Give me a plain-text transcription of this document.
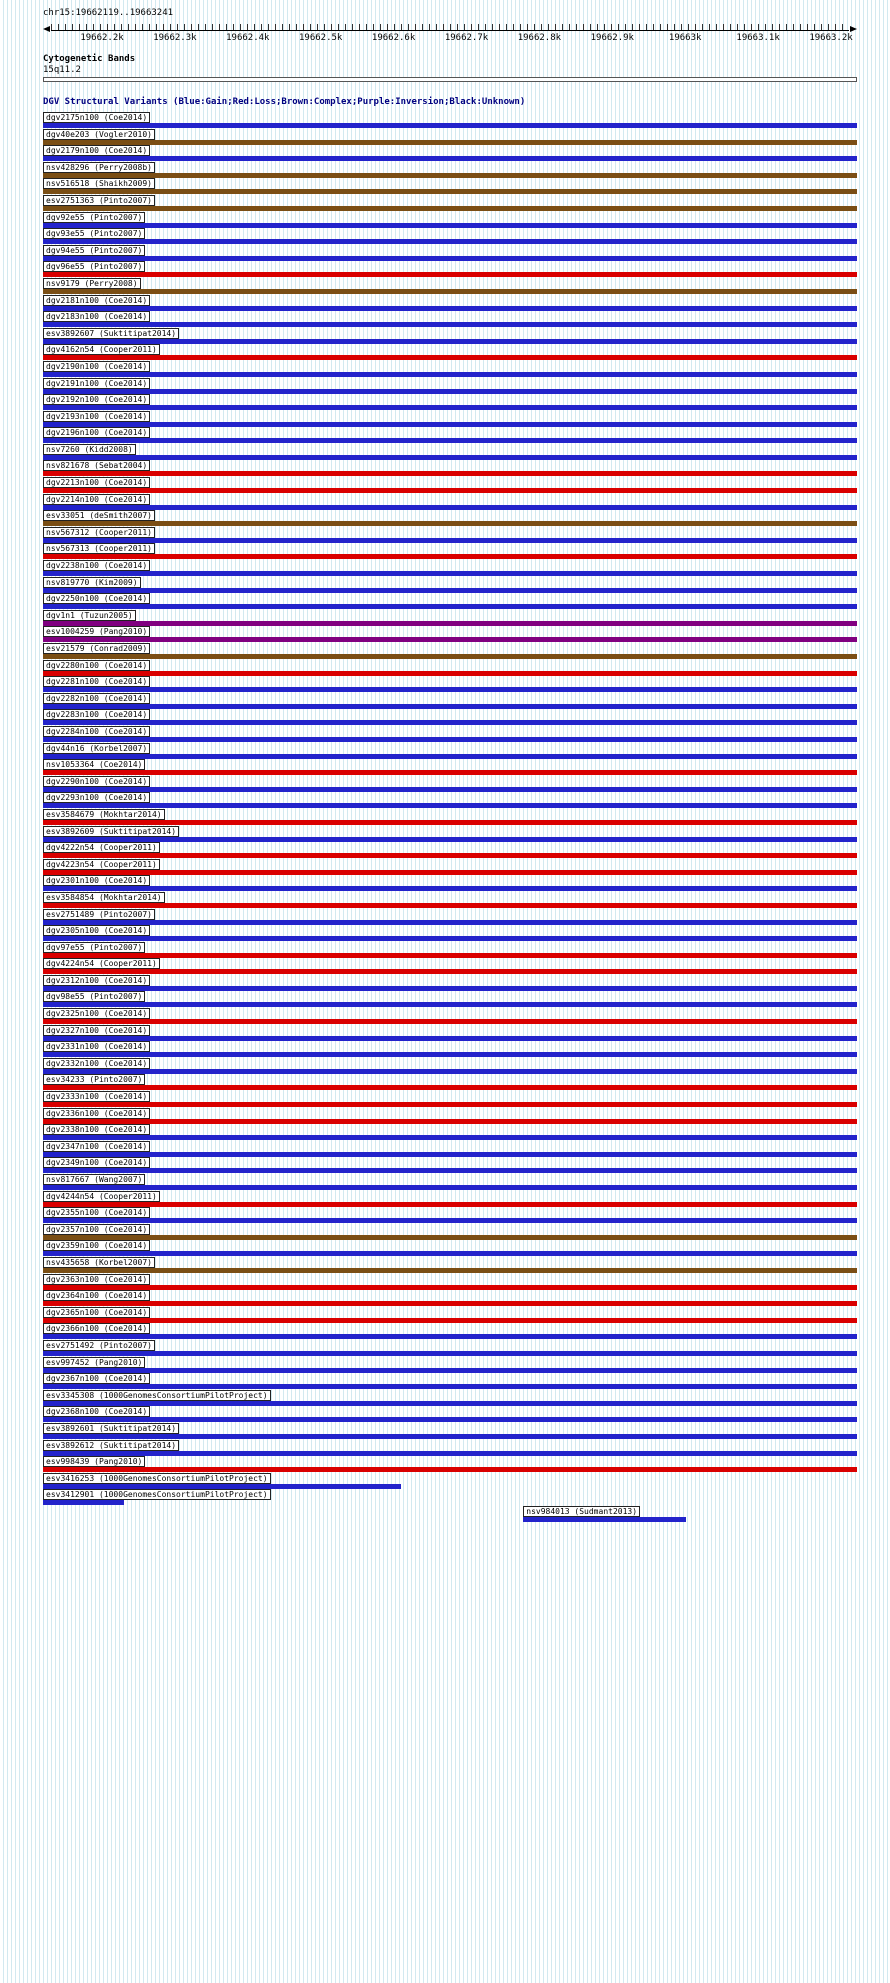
chr15:19662119..19663241
19662.2k	19662.3k	19662.4k	19662.5k	19662.6k	19662.7k	19662.8k	19662.9k	19663k	19663.1k	19663.2k
Cytogenetic Bands
15q11.2
DGV Structural Variants (Blue:Gain;Red:Loss;Brown:Complex;Purple:Inversion;Black:Unknown)
dgv2175n100 (Coe2014)
dgv40e203 (Vogler2010)
dgv2179n100 (Coe2014)
nsv428296 (Perry2008b)
nsv516518 (Shaikh2009)
esv2751363 (Pinto2007)
dgv92e55 (Pinto2007)
dgv93e55 (Pinto2007)
dgv94e55 (Pinto2007)
dgv96e55 (Pinto2007)
nsv9179 (Perry2008)
dgv2181n100 (Coe2014)
dgv2183n100 (Coe2014)
esv3892607 (Suktitipat2014)
dgv4162n54 (Cooper2011)
dgv2190n100 (Coe2014)
dgv2191n100 (Coe2014)
dgv2192n100 (Coe2014)
dgv2193n100 (Coe2014)
dgv2196n100 (Coe2014)
nsv7260 (Kidd2008)
nsv821678 (Sebat2004)
dgv2213n100 (Coe2014)
dgv2214n100 (Coe2014)
esv33051 (deSmith2007)
nsv567312 (Cooper2011)
nsv567313 (Cooper2011)
dgv2238n100 (Coe2014)
nsv819770 (Kim2009)
dgv2250n100 (Coe2014)
dgv1n1 (Tuzun2005)
esv1004259 (Pang2010)
esv21579 (Conrad2009)
dgv2280n100 (Coe2014)
dgv2281n100 (Coe2014)
dgv2282n100 (Coe2014)
dgv2283n100 (Coe2014)
dgv2284n100 (Coe2014)
dgv44n16 (Korbel2007)
nsv1053364 (Coe2014)
dgv2290n100 (Coe2014)
dgv2293n100 (Coe2014)
esv3584679 (Mokhtar2014)
esv3892609 (Suktitipat2014)
dgv4222n54 (Cooper2011)
dgv4223n54 (Cooper2011)
dgv2301n100 (Coe2014)
esv3584854 (Mokhtar2014)
esv2751489 (Pinto2007)
dgv2305n100 (Coe2014)
dgv97e55 (Pinto2007)
dgv4224n54 (Cooper2011)
dgv2312n100 (Coe2014)
dgv98e55 (Pinto2007)
dgv2325n100 (Coe2014)
dgv2327n100 (Coe2014)
dgv2331n100 (Coe2014)
dgv2332n100 (Coe2014)
esv34233 (Pinto2007)
dgv2333n100 (Coe2014)
dgv2336n100 (Coe2014)
dgv2338n100 (Coe2014)
dgv2347n100 (Coe2014)
dgv2349n100 (Coe2014)
nsv817667 (Wang2007)
dgv4244n54 (Cooper2011)
dgv2355n100 (Coe2014)
dgv2357n100 (Coe2014)
dgv2359n100 (Coe2014)
nsv435658 (Korbel2007)
dgv2363n100 (Coe2014)
dgv2364n100 (Coe2014)
dgv2365n100 (Coe2014)
dgv2366n100 (Coe2014)
esv2751492 (Pinto2007)
esv997452 (Pang2010)
dgv2367n100 (Coe2014)
esv3345308 (1000GenomesConsortiumPilotProject)
dgv2368n100 (Coe2014)
esv3892601 (Suktitipat2014)
esv3892612 (Suktitipat2014)
esv998439 (Pang2010)
esv3416253 (1000GenomesConsortiumPilotProject)
esv3412901 (1000GenomesConsortiumPilotProject)
nsv984013 (Sudmant2013)
